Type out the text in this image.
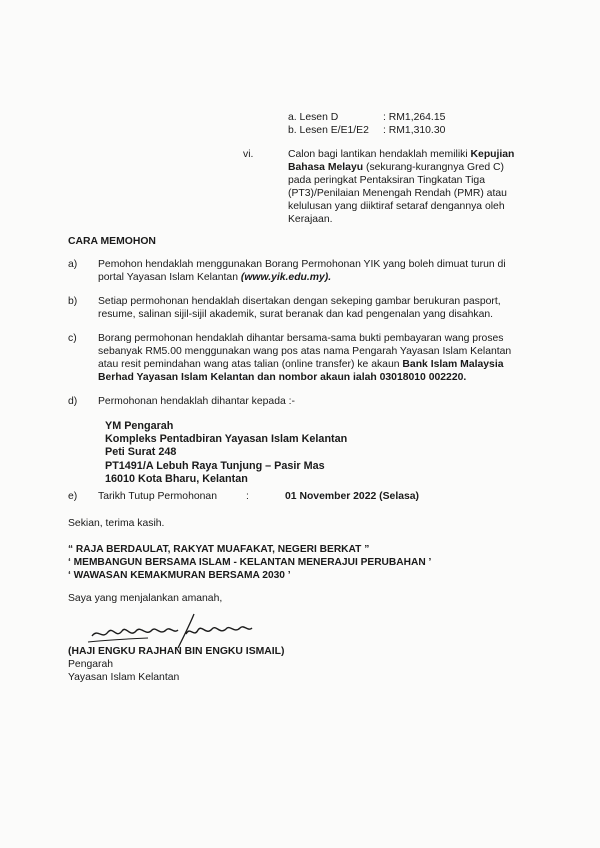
a. Lesen D	: RM1,264.15
b. Lesen E/E1/E2 : RM1,310.30
vi.	Calon bagi lantikan hendaklah memiliki Kepujian
Bahasa Melayu (sekurang-kurangnya Gred C)
pada peringkat Pentaksiran Tingkatan Tiga
(PT3)/Penilaian Menengah Rendah (PMR) atau
kelulusan yang diiktiraf setaraf dengannya oleh
Kerajaan.
CARA MEMOHON
a) Pemohon hendaklah menggunakan Borang Permohonan YIK yang boleh dimuat turun di
portal Yayasan Islam Kelantan (www.yik.edu.my).
b) Setiap permohonan hendaklah disertakan dengan sekeping gambar berukuran pasport,
resume, salinan sijil-sijil akademik, surat beranak dan kad pengenalan yang disahkan.
c) Borang permohonan hendaklah dihantar bersama-sama bukti pembayaran wang proses
sebanyak RM5.00 menggunakan wang pos atas nama Pengarah Yayasan Islam Kelantan
atau resit pemindahan wang atas talian (online transfer) ke akaun Bank Islam Malaysia
Berhad Yayasan Islam Kelantan dan nombor akaun ialah 03018010 002220.
d) Permohonan hendaklah dihantar kepada :-
YM Pengarah
Kompleks Pentadbiran Yayasan Islam Kelantan
Peti Surat 248
PT1491/A Lebuh Raya Tunjung – Pasir Mas
16010 Kota Bharu, Kelantan
e) Tarikh Tutup Permohonan	:	01 November 2022 (Selasa)
Sekian, terima kasih.
“ RAJA BERDAULAT, RAKYAT MUAFAKAT, NEGERI BERKAT ”
‘ MEMBANGUN BERSAMA ISLAM - KELANTAN MENERAJUI PERUBAHAN ’
‘ WAWASAN KEMAKMURAN BERSAMA 2030 ’
Saya yang menjalankan amanah,
(HAJI ENGKU RAJHAN BIN ENGKU ISMAIL)
Pengarah
Yayasan Islam Kelantan
